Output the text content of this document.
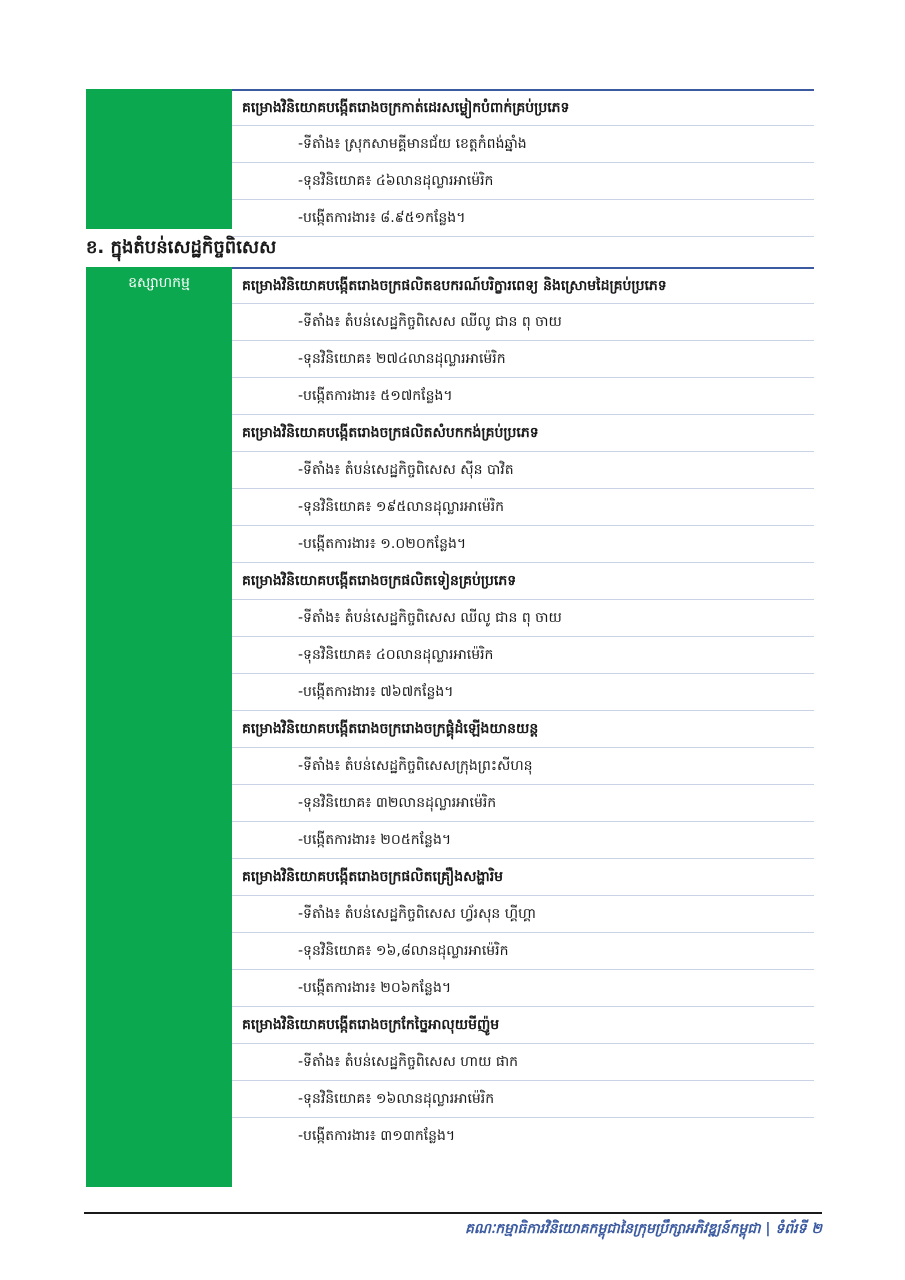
គម្រោងវិនិយោគបង្កើតរោងចក្រកាត់ដេរសម្លៀកបំពាក់គ្រប់ប្រភេទ
-ទីតាំង៖ ស្រុកសាមគ្គីមានជ័យ ខេត្តកំពង់ឆ្នាំង
-ទុនវិនិយោគ៖ ៤៦លានដុល្លារអាម៉េរិក
-បង្កើតការងារ៖ ៨.៩៥១កន្លែង។
ខ. ក្នុងតំបន់សេដ្ឋកិច្ចពិសេស
ឧស្សាហកម្ម	គម្រោងវិនិយោគបង្កើតរោងចក្រផលិតឧបករណ៍បរិក្ខារពេទ្យ និងស្រោមដៃគ្រប់ប្រភេទ
-ទីតាំង៖ តំបន់សេដ្ឋកិច្ចពិសេស ឈីលូ ជាន ពុ ចាយ
-ទុនវិនិយោគ៖ ២៧៤លានដុល្លារអាម៉េរិក
-បង្កើតការងារ៖ ៥១៧កន្លែង។
គម្រោងវិនិយោគបង្កើតរោងចក្រផលិតសំបកកង់គ្រប់ប្រភេទ
-ទីតាំង៖ តំបន់សេដ្ឋកិច្ចពិសេស ស៊ីន បាវិត
-ទុនវិនិយោគ៖ ១៩៥លានដុល្លារអាម៉េរិក
-បង្កើតការងារ៖ ១.០២០កន្លែង។
គម្រោងវិនិយោគបង្កើតរោងចក្រផលិតទៀនគ្រប់ប្រភេទ
-ទីតាំង៖ តំបន់សេដ្ឋកិច្ចពិសេស ឈីលូ ជាន ពុ ចាយ
-ទុនវិនិយោគ៖ ៤០លានដុល្លារអាម៉េរិក
-បង្កើតការងារ៖ ៧៦៧កន្លែង។
គម្រោងវិនិយោគបង្កើតរោងចក្ររោងចក្រផ្គុំដំឡើងយានយន្ត
-ទីតាំង៖ តំបន់សេដ្ឋកិច្ចពិសេសក្រុងព្រះសីហនុ
-ទុនវិនិយោគ៖ ៣២លានដុល្លារអាម៉េរិក
-បង្កើតការងារ៖ ២០៥កន្លែង។
គម្រោងវិនិយោគបង្កើតរោងចក្រផលិតគ្រឿងសង្ហារិម
-ទីតាំង៖ តំបន់សេដ្ឋកិច្ចពិសេស ហ្វ័រសុន ហ្គីហ្គា
-ទុនវិនិយោគ៖ ១៦,៨លានដុល្លារអាម៉េរិក
-បង្កើតការងារ៖ ២០៦កន្លែង។
គម្រោងវិនិយោគបង្កើតរោងចក្រកែច្នៃអាលុយមីញ៉ូម
-ទីតាំង៖ តំបន់សេដ្ឋកិច្ចពិសេស ហាយ ផាក
-ទុនវិនិយោគ៖ ១៦លានដុល្លារអាម៉េរិក
-បង្កើតការងារ៖ ៣១៣កន្លែង។
គណៈកម្មាធិការវិនិយោគកម្ពុជានៃក្រុមប្រឹក្សាអភិវឌ្ឍន៍កម្ពុជា | ទំព័រទី ២
